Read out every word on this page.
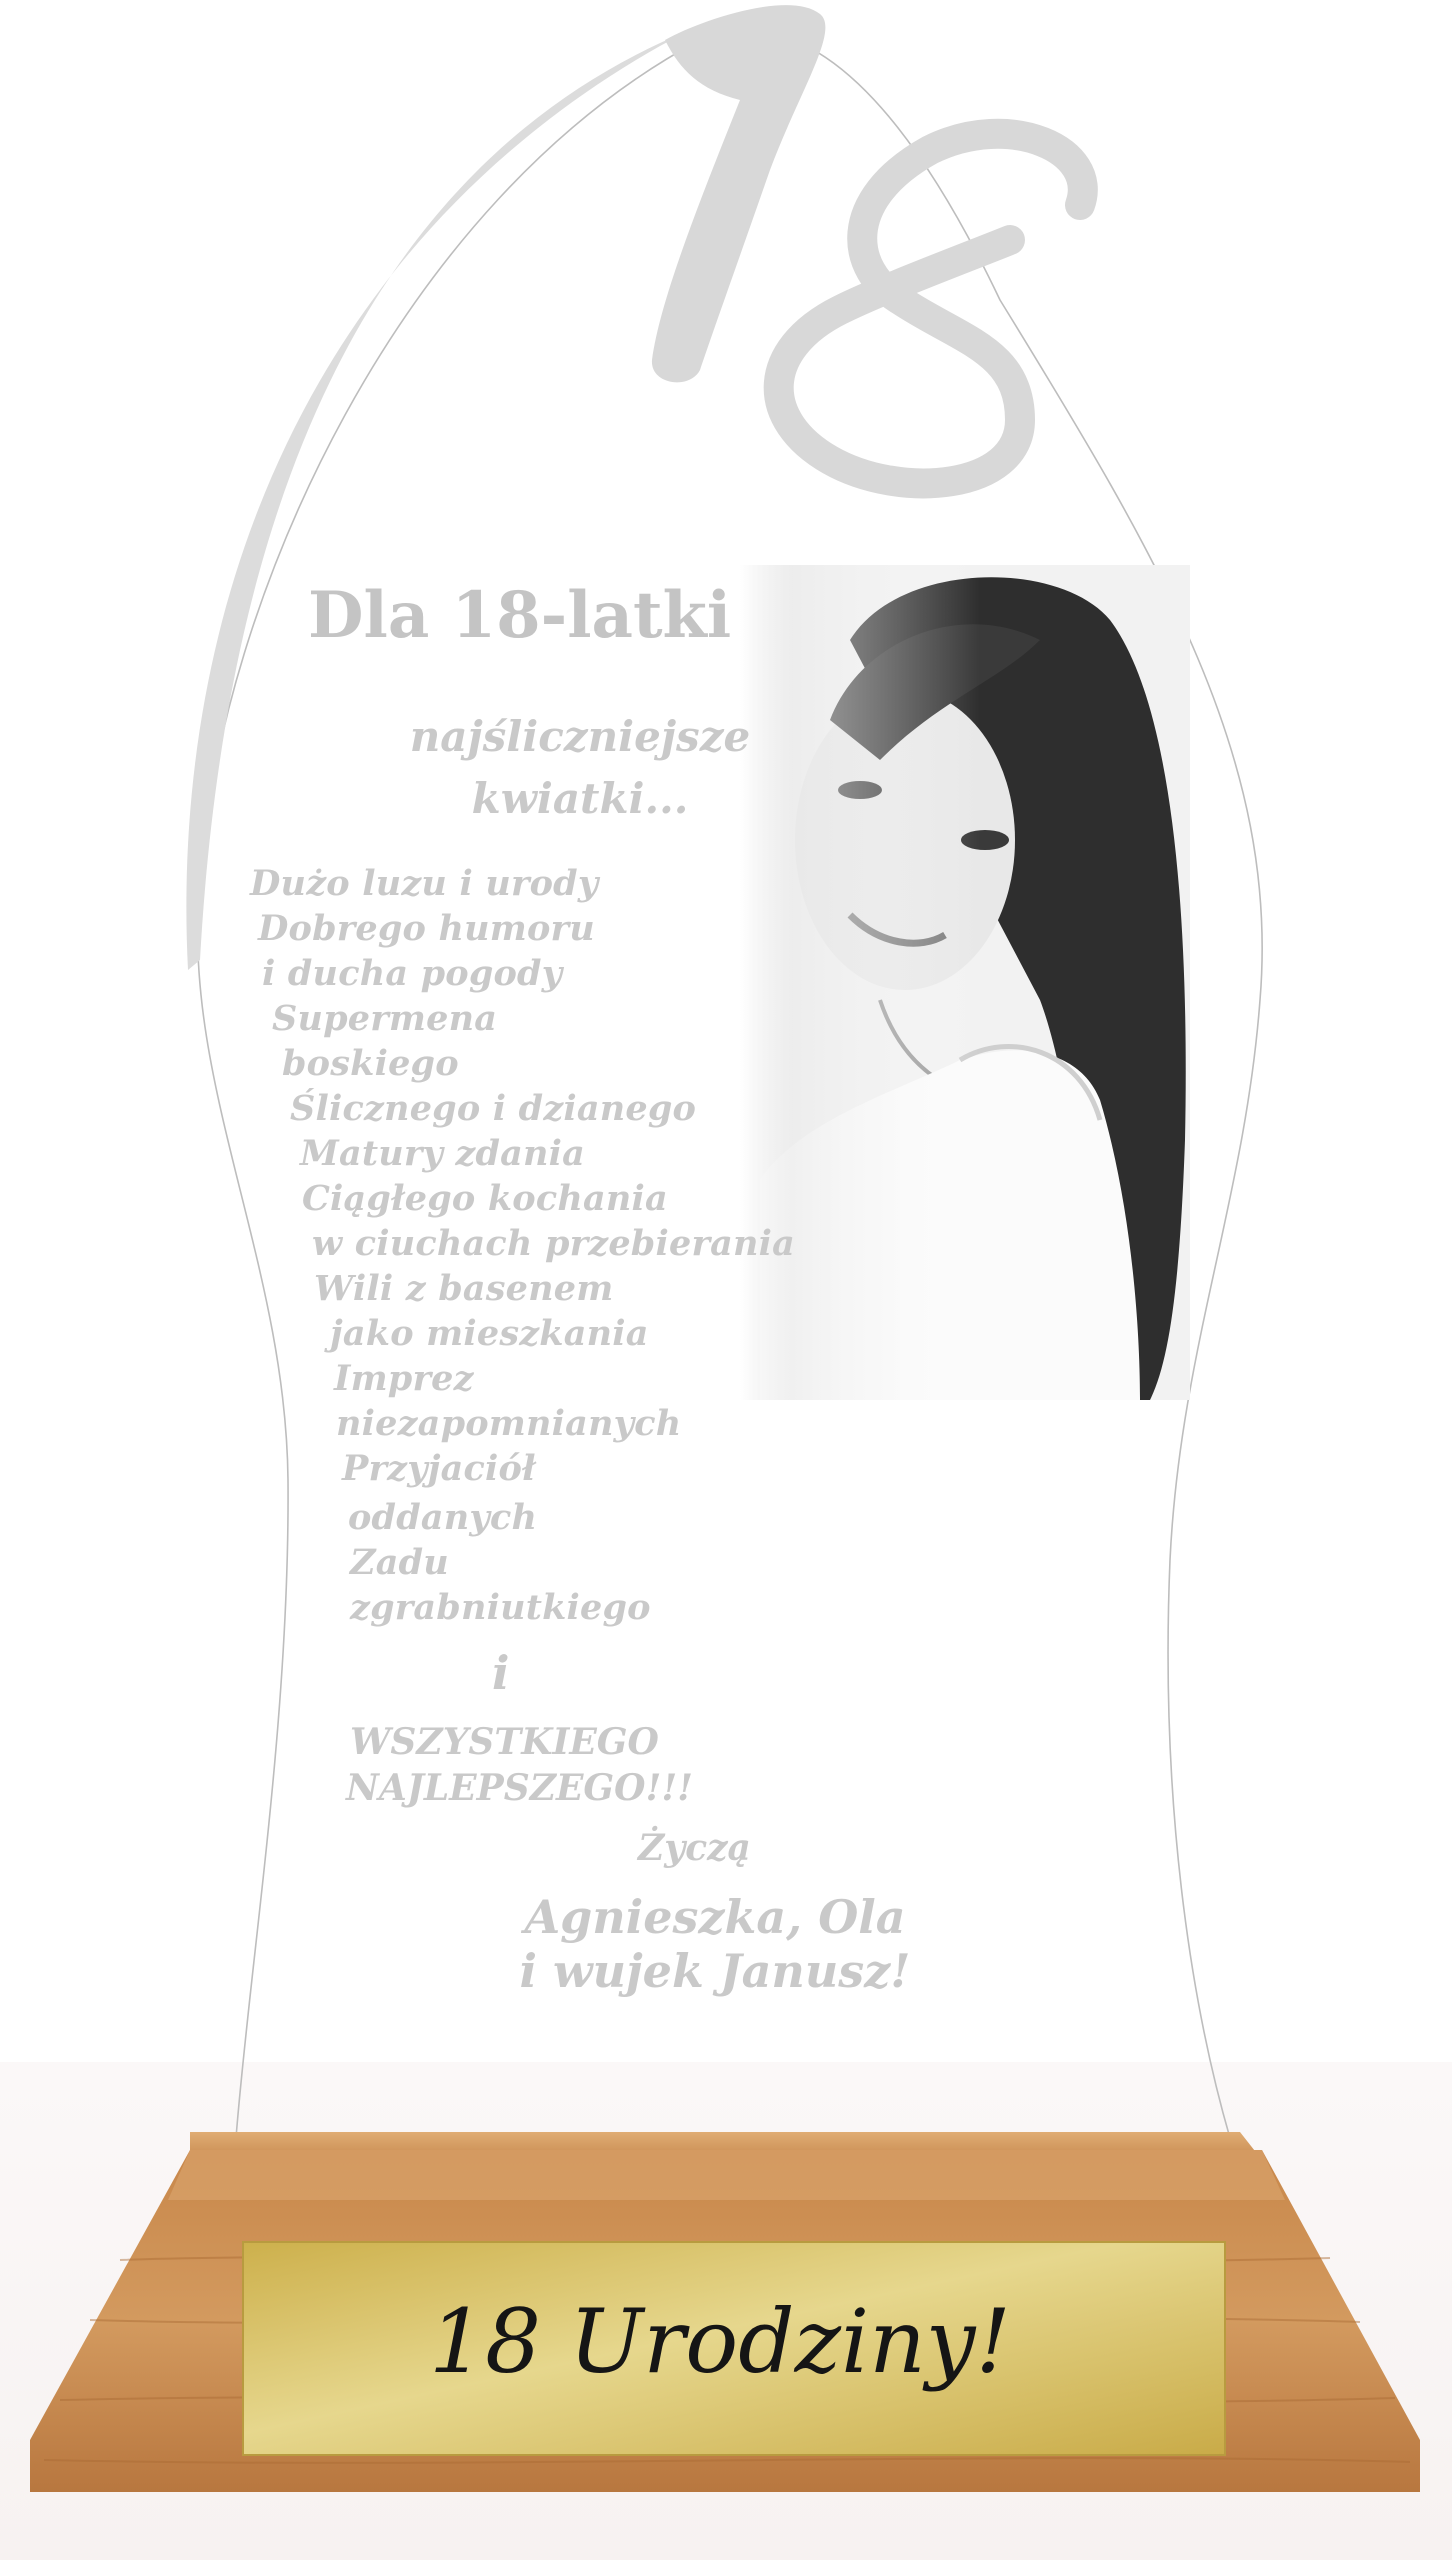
Dla 18-latki

najśliczniejsze
kwiatki...

Dużo luzu i urody

Dobrego humoru

i ducha pogody

Supermena

boskiego

Ślicznego i dzianego

Matury zdania

Ciągłego kochania

w ciuchach przebierania

Wili z basenem

jako mieszkania

Imprez

niezapomnianych

Przyjaciół

oddanych

Zadu

zgrabniutkiego

i

WSZYSTKIEGO

NAJLEPSZEGO!!!

Życzą

Agnieszka, Ola
i wujek Janusz!

18 Urodziny!
